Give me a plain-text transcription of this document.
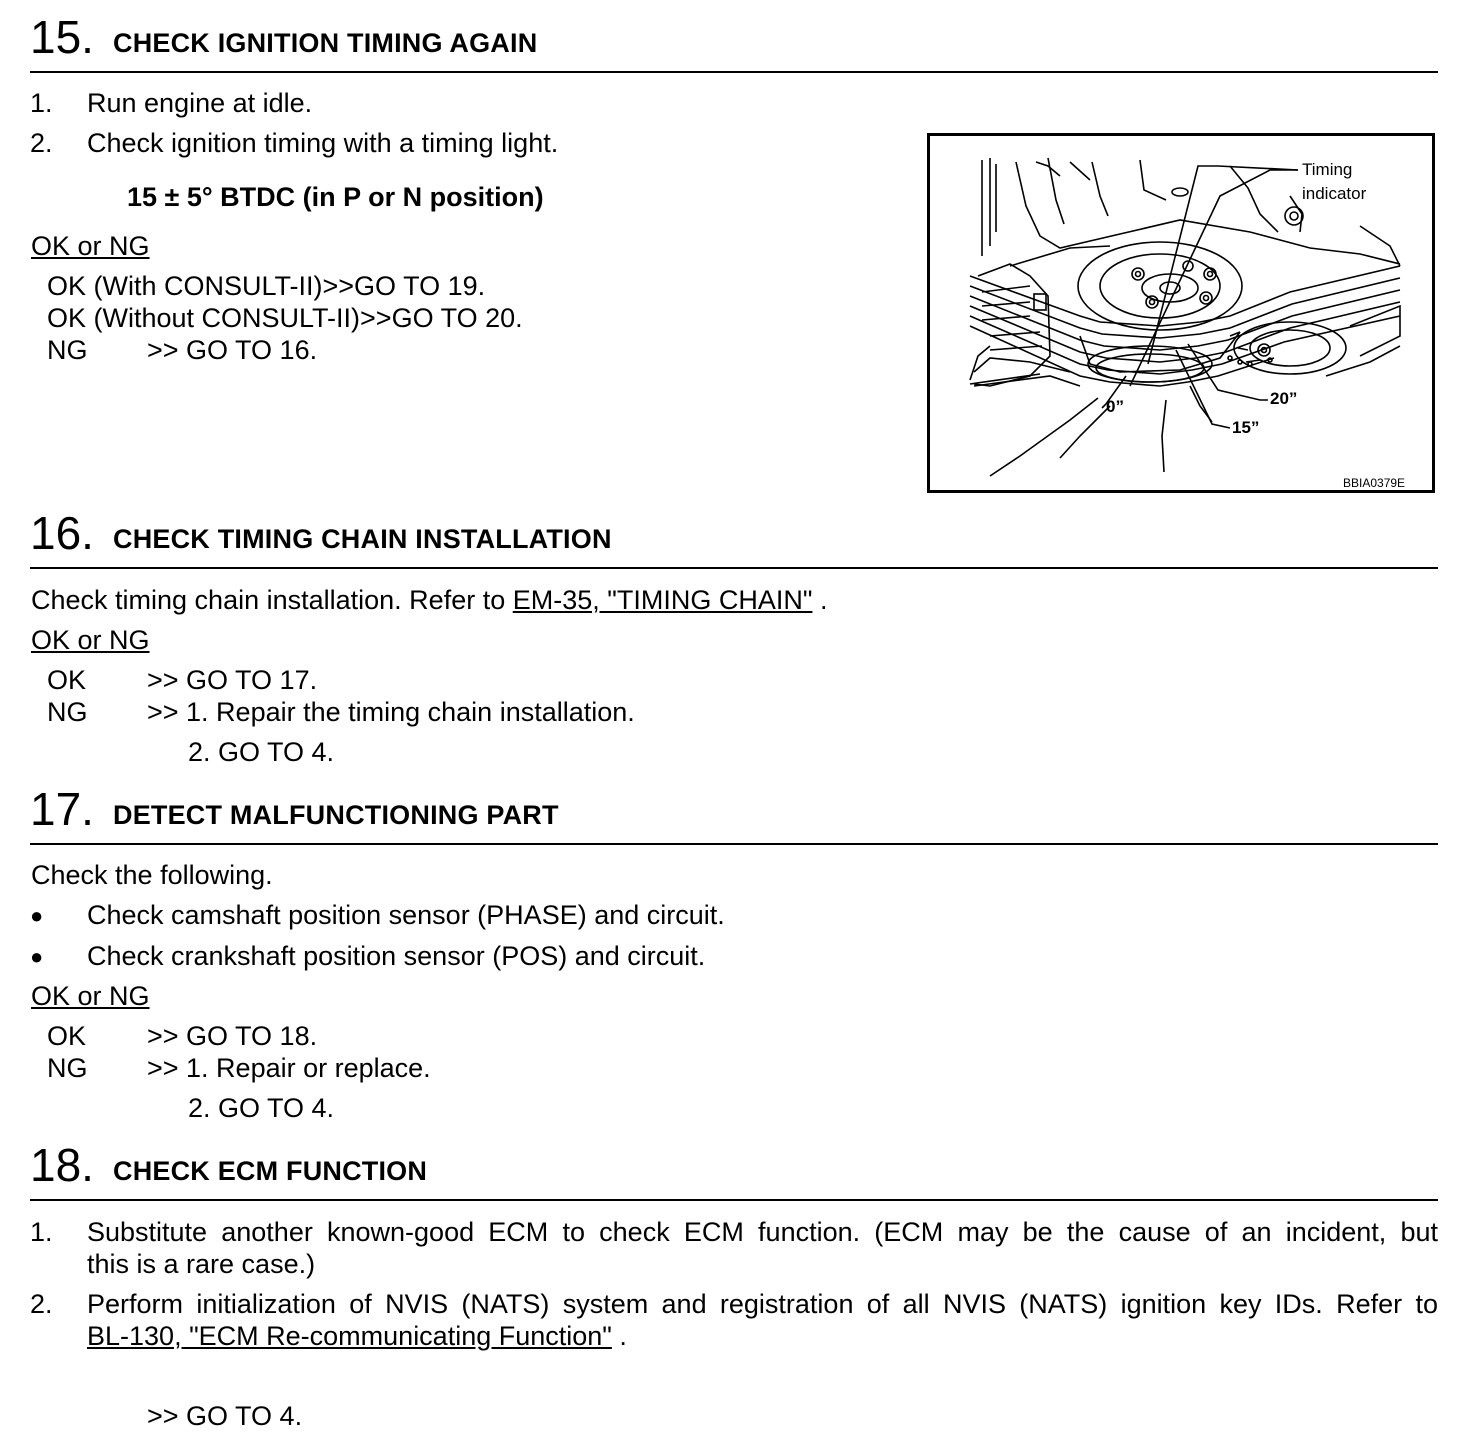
15. CHECK IGNITION TIMING AGAIN
1. Run engine at idle.
2. Check ignition timing with a timing light.
15 ± 5° BTDC (in P or N position)
OK or NG
OK (With CONSULT-II)>>GO TO 19.
OK (Without CONSULT-II)>>GO TO 20.
NG >> GO TO 16.
Timing
indicator
0”
15”
20”
BBIA0379E
16. CHECK TIMING CHAIN INSTALLATION
Check timing chain installation. Refer to EM-35, "TIMING CHAIN" .
OK or NG
OK >> GO TO 17.
NG >> 1. Repair the timing chain installation.
2. GO TO 4.
17. DETECT MALFUNCTIONING PART
Check the following.
● Check camshaft position sensor (PHASE) and circuit.
● Check crankshaft position sensor (POS) and circuit.
OK or NG
OK >> GO TO 18.
NG >> 1. Repair or replace.
2. GO TO 4.
18. CHECK ECM FUNCTION
1. Substitute another known-good ECM to check ECM function. (ECM may be the cause of an incident, but
this is a rare case.)
2. Perform initialization of NVIS (NATS) system and registration of all NVIS (NATS) ignition key IDs. Refer to
BL-130, "ECM Re-communicating Function" .
>> GO TO 4.
